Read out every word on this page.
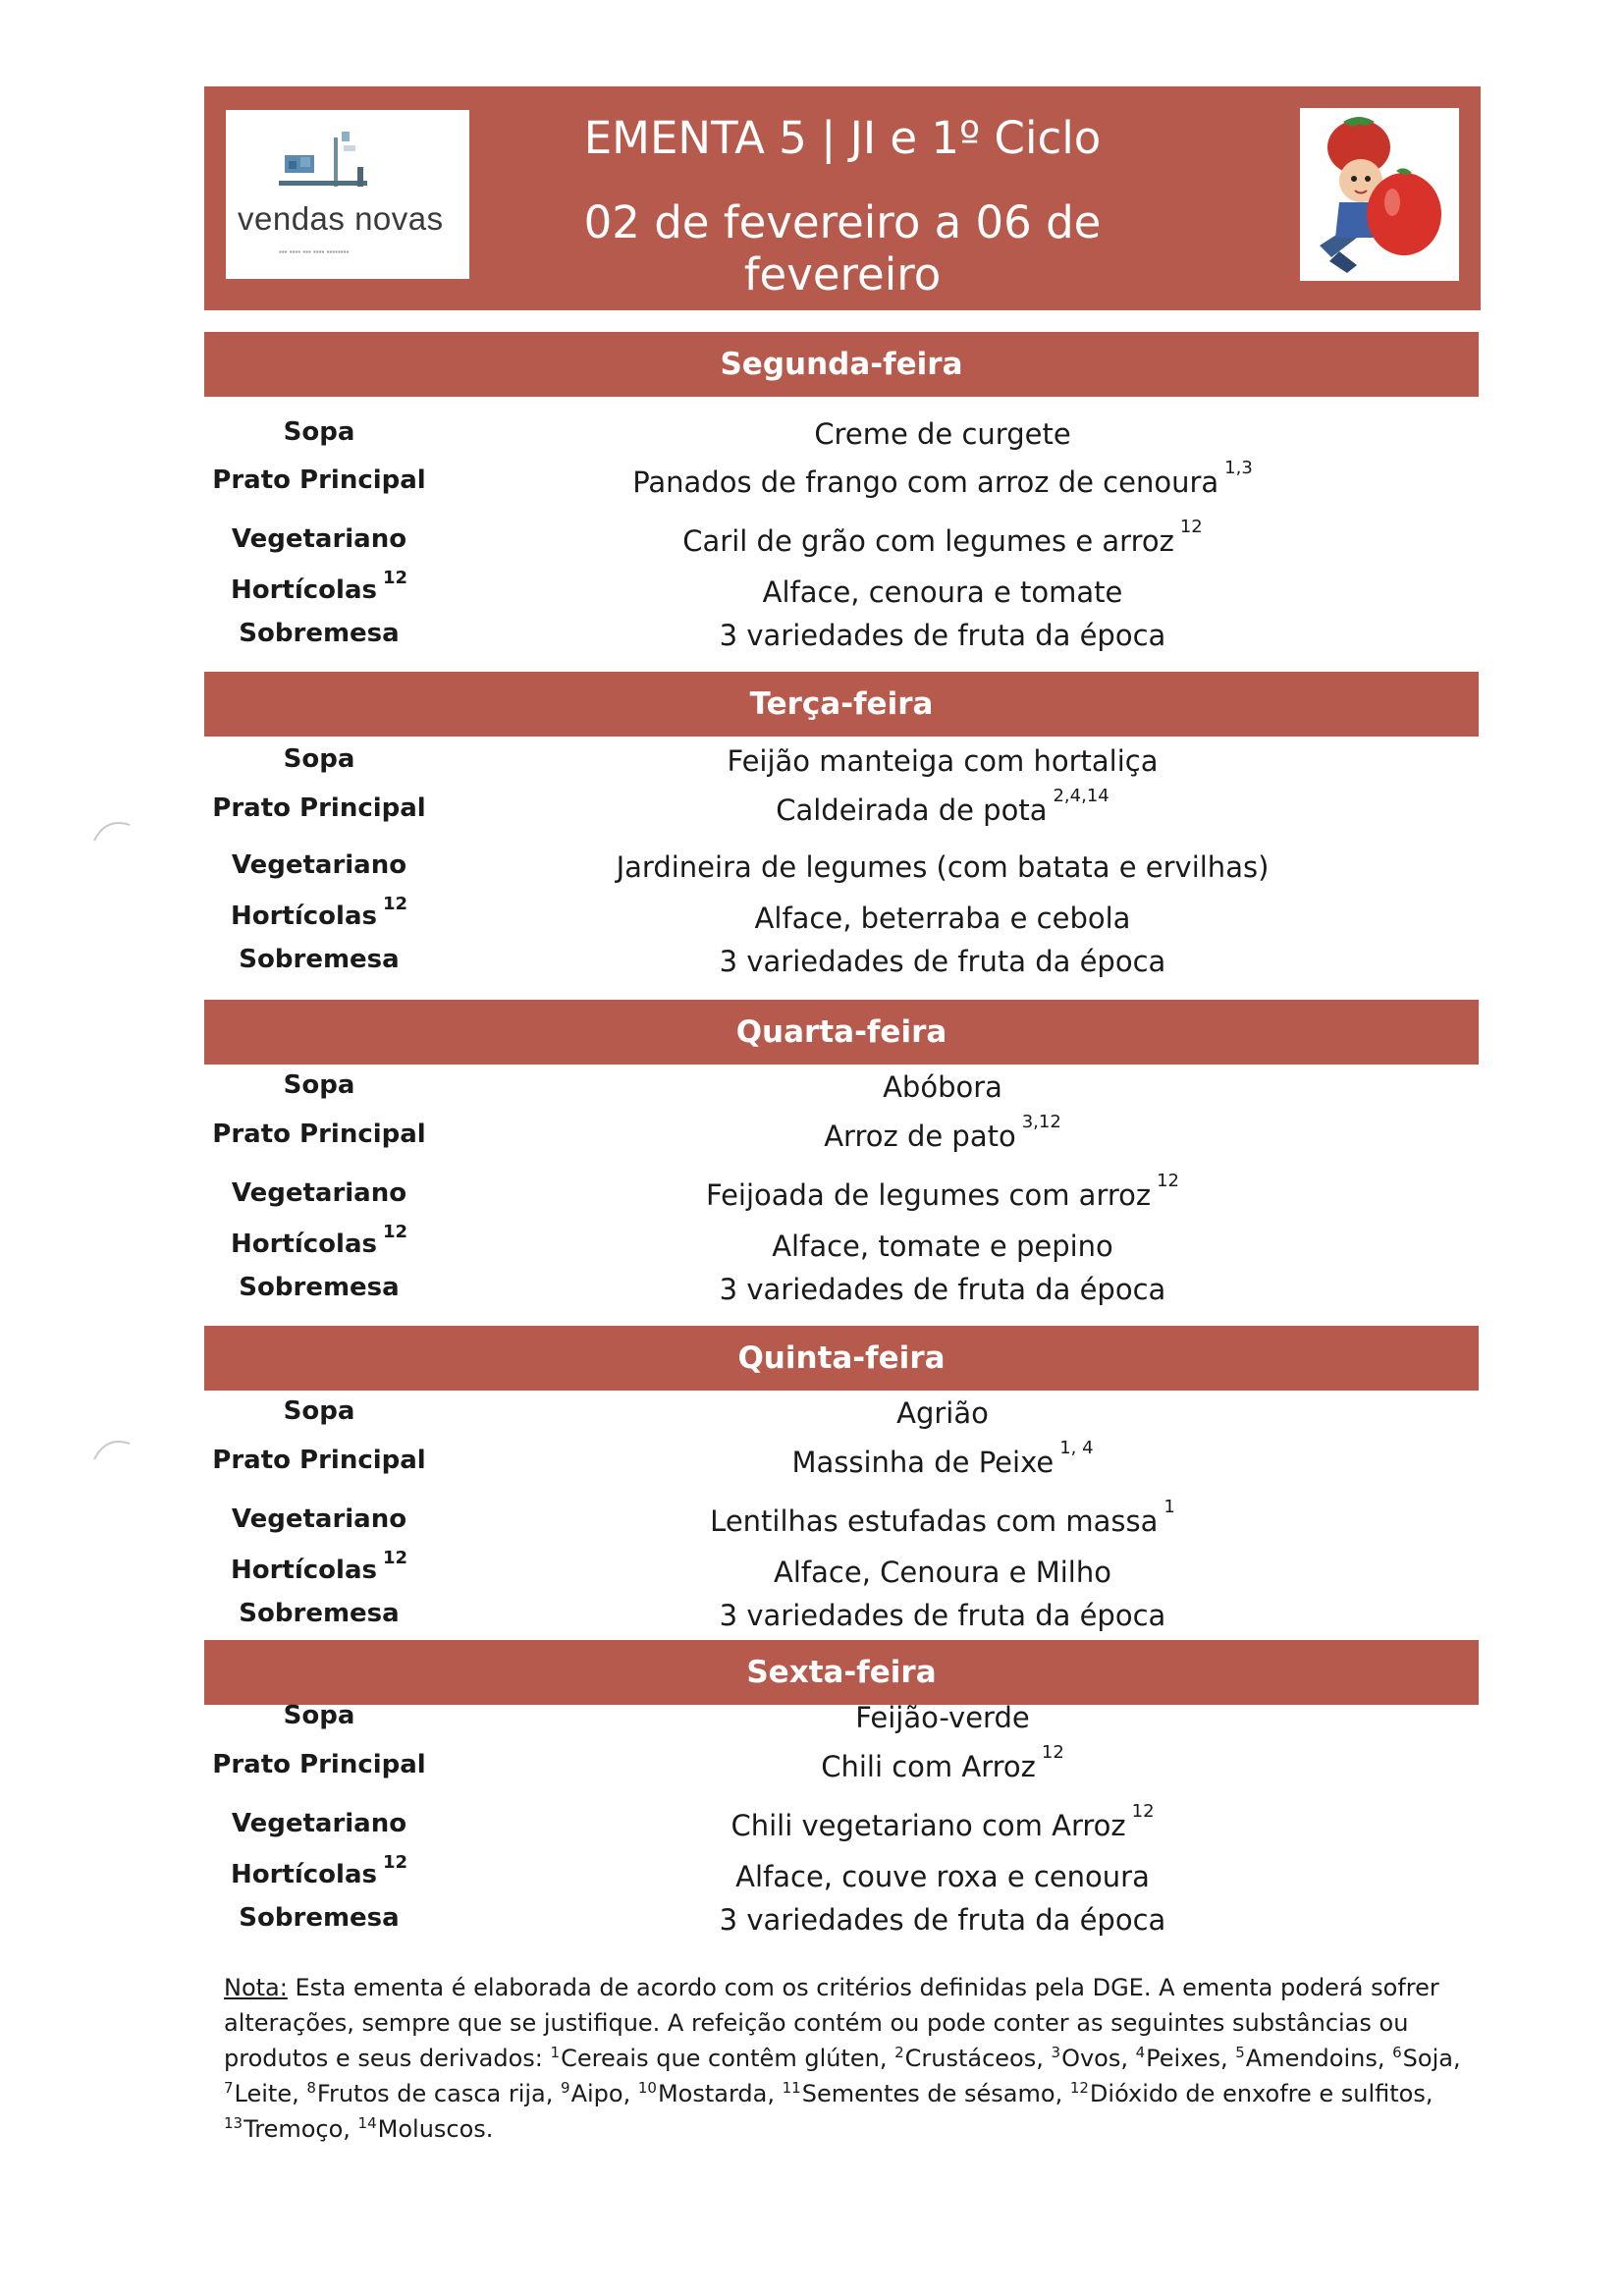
vendas novas
▪▪▪ ▪▪▪▪ ▪▪▪ ▪▪▪▪ ▪▪▪▪▪▪▪▪
EMENTA 5 | JI e 1º Ciclo
02 de fevereiro a 06 de fevereiro
Segunda-feira
Sopa	Creme de curgete
Prato Principal	Panados de frango com arroz de cenoura $^{1,3}$
Vegetariano	Caril de grão com legumes e arroz $^{12}$
Hortícolas $^{12}$	Alface, cenoura e tomate
Sobremesa	3 variedades de fruta da época
Terça-feira
Sopa	Feijão manteiga com hortaliça
Prato Principal	Caldeirada de pota $^{2,4,14}$
Vegetariano	Jardineira de legumes (com batata e ervilhas)
Hortícolas $^{12}$	Alface, beterraba e cebola
Sobremesa	3 variedades de fruta da época
Quarta-feira
Sopa	Abóbora
Prato Principal	Arroz de pato $^{3,12}$
Vegetariano	Feijoada de legumes com arroz $^{12}$
Hortícolas $^{12}$	Alface, tomate e pepino
Sobremesa	3 variedades de fruta da época
Quinta-feira
Sopa	Agrião
Prato Principal	Massinha de Peixe $^{1, 4}$
Vegetariano	Lentilhas estufadas com massa $^1$
Hortícolas $^{12}$	Alface, Cenoura e Milho
Sobremesa	3 variedades de fruta da época
Sexta-feira
Sopa	Feijão-verde
Prato Principal	Chili com Arroz $^{12}$
Vegetariano	Chili vegetariano com Arroz $^{12}$
Hortícolas $^{12}$	Alface, couve roxa e cenoura
Sobremesa	3 variedades de fruta da época
Nota: Esta ementa é elaborada de acordo com os critérios definidas pela DGE. A ementa poderá sofrer alterações, sempre que se justifique. A refeição contém ou pode conter as seguintes substâncias ou produtos e seus derivados: $^1$Cereais que contêm glúten, $^2$Crustáceos, $^3$Ovos, $^4$Peixes, $^5$Amendoins, $^6$Soja, $^7$Leite, $^8$Frutos de casca rija, $^9$Aipo, $^{10}$Mostarda, $^{11}$Sementes de sésamo, $^{12}$Dióxido de enxofre e sulfitos, $^{13}$Tremoço, $^{14}$Moluscos.
